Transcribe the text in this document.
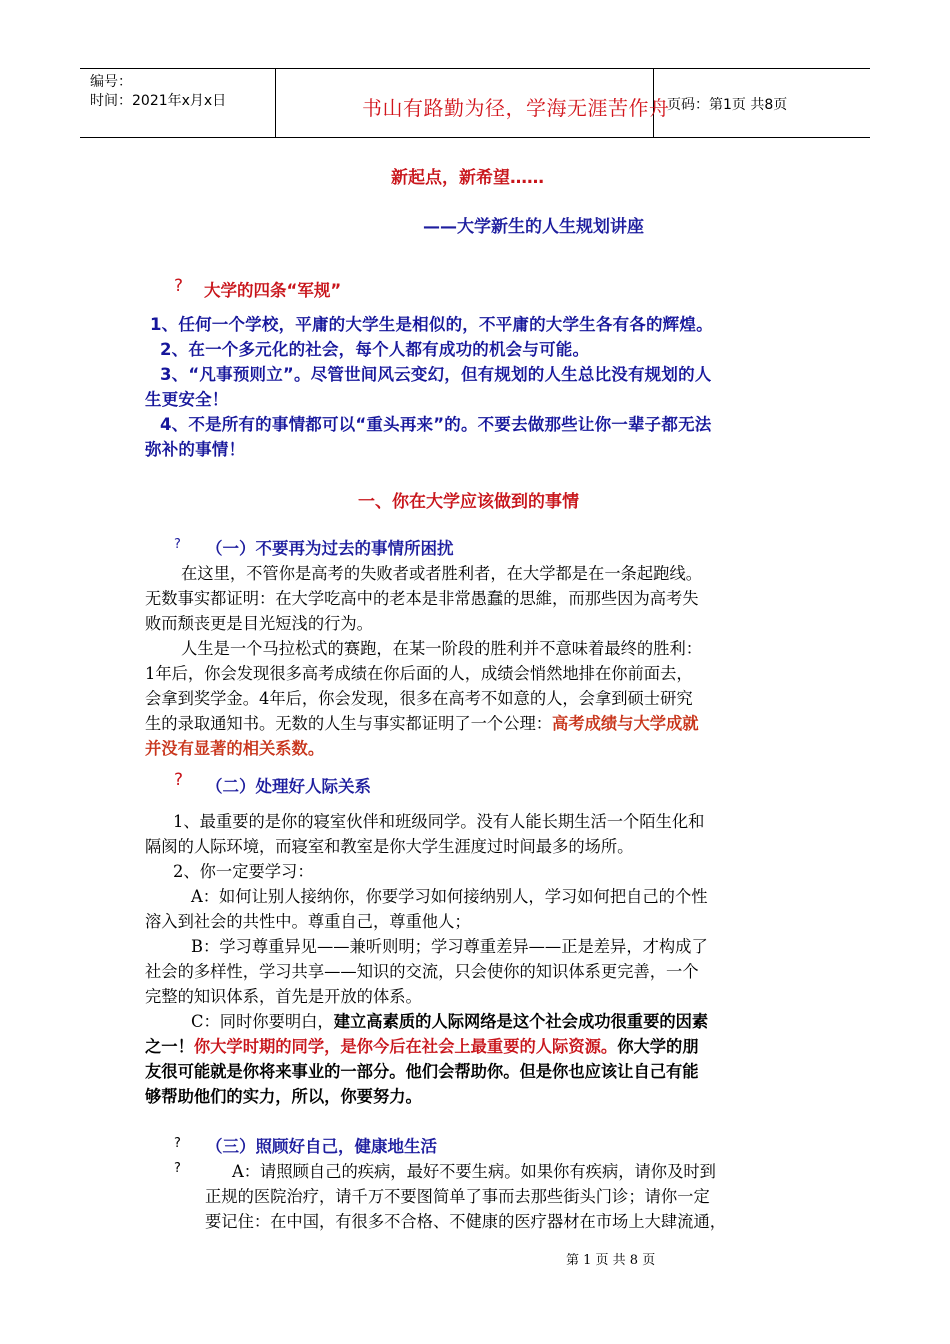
编号：
时间：2021年x月x日	书山有路勤为径，学海无涯苦作舟
页码：第1页 共8页
新起点，新希望……
——大学新生的人生规划讲座
? 大学的四条“军规”
1、任何一个学校，平庸的大学生是相似的，不平庸的大学生各有各的辉煌。
2、在一个多元化的社会，每个人都有成功的机会与可能。
3、“凡事预则立”。尽管世间风云变幻，但有规划的人生总比没有规划的人
生更安全！
4、不是所有的事情都可以“重头再来”的。不要去做那些让你一辈子都无法
弥补的事情！
一、你在大学应该做到的事情
? （一）不要再为过去的事情所困扰
在这里，不管你是高考的失败者或者胜利者，在大学都是在一条起跑线。
无数事实都证明：在大学吃高中的老本是非常愚蠢的思維，而那些因为高考失
败而颓丧更是目光短浅的行为。
人生是一个马拉松式的赛跑，在某一阶段的胜利并不意味着最终的胜利：
1年后，你会发现很多高考成绩在你后面的人，成绩会悄然地排在你前面去，
会拿到奖学金。4年后，你会发现，很多在高考不如意的人，会拿到硕士研究
生的录取通知书。无数的人生与事实都证明了一个公理：高考成绩与大学成就
并没有显著的相关系数。
? （二）处理好人际关系
1、最重要的是你的寝室伙伴和班级同学。没有人能长期生活一个陌生化和
隔阂的人际环境，而寝室和教室是你大学生涯度过时间最多的场所。
2、你一定要学习：
A：如何让别人接纳你，你要学习如何接纳别人，学习如何把自己的个性
溶入到社会的共性中。尊重自己，尊重他人；
B：学习尊重异见——兼听则明；学习尊重差异——正是差异，才构成了
社会的多样性，学习共享——知识的交流，只会使你的知识体系更完善，一个
完整的知识体系，首先是开放的体系。
C：同时你要明白，建立高素质的人际网络是这个社会成功很重要的因素
之一！你大学时期的同学，是你今后在社会上最重要的人际资源。你大学的朋
友很可能就是你将来事业的一部分。他们会帮助你。但是你也应该让自己有能
够帮助他们的实力，所以，你要努力。
? （三）照顾好自己，健康地生活
?	A：请照顾自己的疾病，最好不要生病。如果你有疾病，请你及时到
正规的医院治疗，请千万不要图简单了事而去那些街头门诊；请你一定
要记住：在中国，有很多不合格、不健康的医疗器材在市场上大肆流通，
第 1 页 共 8 页
